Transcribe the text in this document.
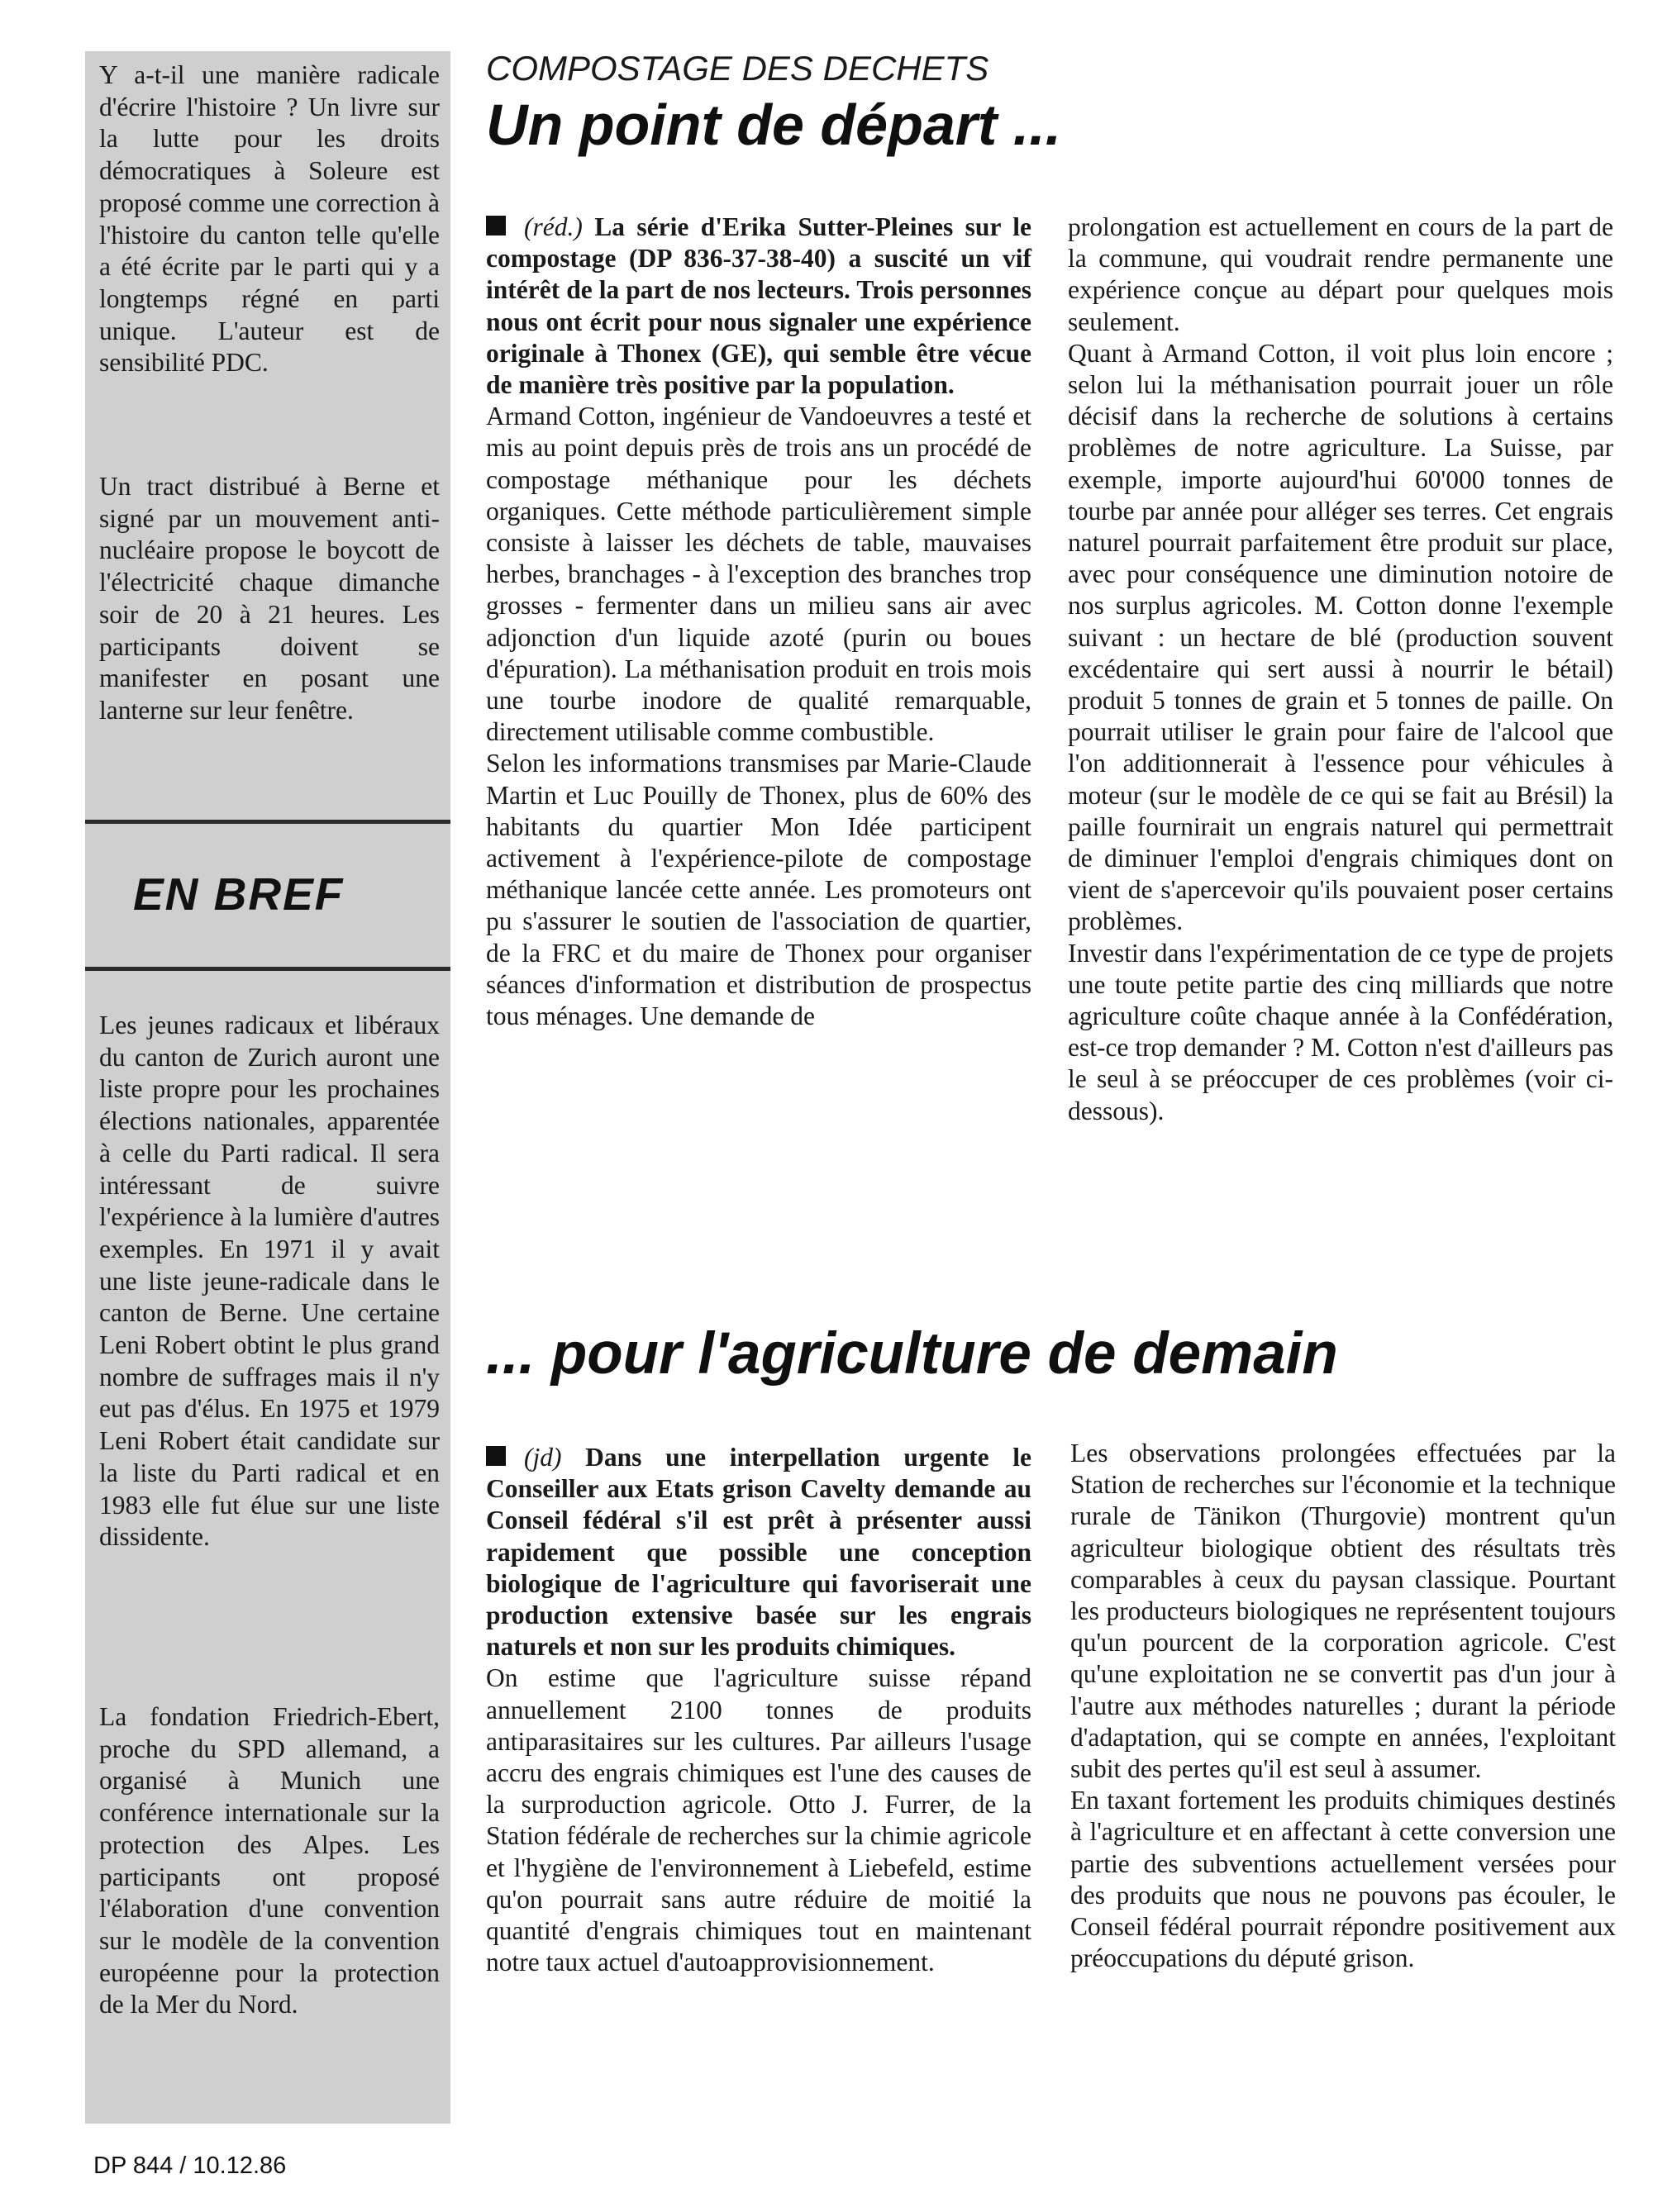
Y a-t-il une manière radicale d'écrire l'histoire ? Un livre sur la lutte pour les droits démocratiques à Soleure est proposé comme une correction à l'histoire du canton telle qu'elle a été écrite par le parti qui y a longtemps régné en parti unique. L'auteur est de sensibilité PDC.

Un tract distribué à Berne et signé par un mouvement anti-nucléaire propose le boycott de l'électricité chaque dimanche soir de 20 à 21 heures. Les participants doivent se manifester en posant une lanterne sur leur fenêtre.

EN BREF

Les jeunes radicaux et libéraux du canton de Zurich auront une liste propre pour les prochaines élections nationales, apparentée à celle du Parti radical. Il sera intéressant de suivre l'expérience à la lumière d'autres exemples. En 1971 il y avait une liste jeune-radicale dans le canton de Berne. Une certaine Leni Robert obtint le plus grand nombre de suffrages mais il n'y eut pas d'élus. En 1975 et 1979 Leni Robert était candidate sur la liste du Parti radical et en 1983 elle fut élue sur une liste dissidente.

La fondation Friedrich-Ebert, proche du SPD allemand, a organisé à Munich une conférence internationale sur la protection des Alpes. Les participants ont proposé l'élaboration d'une convention sur le modèle de la convention européenne pour la protection de la Mer du Nord.

COMPOSTAGE DES DECHETS
Un point de départ ...

(réd.) La série d'Erika Sutter-Pleines sur le compostage (DP 836-37-38-40) a suscité un vif intérêt de la part de nos lecteurs. Trois personnes nous ont écrit pour nous signaler une expérience originale à Thonex (GE), qui semble être vécue de manière très positive par la population.

Armand Cotton, ingénieur de Vandoeuvres a testé et mis au point depuis près de trois ans un procédé de compostage méthanique pour les déchets organiques. Cette méthode particulièrement simple consiste à laisser les déchets de table, mauvaises herbes, branchages - à l'exception des branches trop grosses - fermenter dans un milieu sans air avec adjonction d'un liquide azoté (purin ou boues d'épuration). La méthanisation produit en trois mois une tourbe inodore de qualité remarquable, directement utilisable comme combustible.

Selon les informations transmises par Marie-Claude Martin et Luc Pouilly de Thonex, plus de 60% des habitants du quartier Mon Idée participent activement à l'expérience-pilote de compostage méthanique lancée cette année. Les promoteurs ont pu s'assurer le soutien de l'association de quartier, de la FRC et du maire de Thonex pour organiser séances d'information et distribution de prospectus tous ménages. Une demande de

prolongation est actuellement en cours de la part de la commune, qui voudrait rendre permanente une expérience conçue au départ pour quelques mois seulement.

Quant à Armand Cotton, il voit plus loin encore ; selon lui la méthanisation pourrait jouer un rôle décisif dans la recherche de solutions à certains problèmes de notre agriculture. La Suisse, par exemple, importe aujourd'hui 60'000 tonnes de tourbe par année pour alléger ses terres. Cet engrais naturel pourrait parfaitement être produit sur place, avec pour conséquence une diminution notoire de nos surplus agricoles. M. Cotton donne l'exemple suivant : un hectare de blé (production souvent excédentaire qui sert aussi à nourrir le bétail) produit 5 tonnes de grain et 5 tonnes de paille. On pourrait utiliser le grain pour faire de l'alcool que l'on additionnerait à l'essence pour véhicules à moteur (sur le modèle de ce qui se fait au Brésil) la paille fournirait un engrais naturel qui permettrait de diminuer l'emploi d'engrais chimiques dont on vient de s'apercevoir qu'ils pouvaient poser certains problèmes.

Investir dans l'expérimentation de ce type de projets une toute petite partie des cinq milliards que notre agriculture coûte chaque année à la Confédération, est-ce trop demander ? M. Cotton n'est d'ailleurs pas le seul à se préoccuper de ces problèmes (voir ci-dessous).

... pour l'agriculture de demain

(jd) Dans une interpellation urgente le Conseiller aux Etats grison Cavelty demande au Conseil fédéral s'il est prêt à présenter aussi rapidement que possible une conception biologique de l'agriculture qui favoriserait une production extensive basée sur les engrais naturels et non sur les produits chimiques.

On estime que l'agriculture suisse répand annuellement 2100 tonnes de produits antiparasitaires sur les cultures. Par ailleurs l'usage accru des engrais chimiques est l'une des causes de la surproduction agricole. Otto J. Furrer, de la Station fédérale de recherches sur la chimie agricole et l'hygiène de l'environnement à Liebefeld, estime qu'on pourrait sans autre réduire de moitié la quantité d'engrais chimiques tout en maintenant notre taux actuel d'autoapprovisionnement.

Les observations prolongées effectuées par la Station de recherches sur l'économie et la technique rurale de Tänikon (Thurgovie) montrent qu'un agriculteur biologique obtient des résultats très comparables à ceux du paysan classique. Pourtant les producteurs biologiques ne représentent toujours qu'un pourcent de la corporation agricole. C'est qu'une exploitation ne se convertit pas d'un jour à l'autre aux méthodes naturelles ; durant la période d'adaptation, qui se compte en années, l'exploitant subit des pertes qu'il est seul à assumer.

En taxant fortement les produits chimiques destinés à l'agriculture et en affectant à cette conversion une partie des subventions actuellement versées pour des produits que nous ne pouvons pas écouler, le Conseil fédéral pourrait répondre positivement aux préoccupations du député grison.

DP 844 / 10.12.86
